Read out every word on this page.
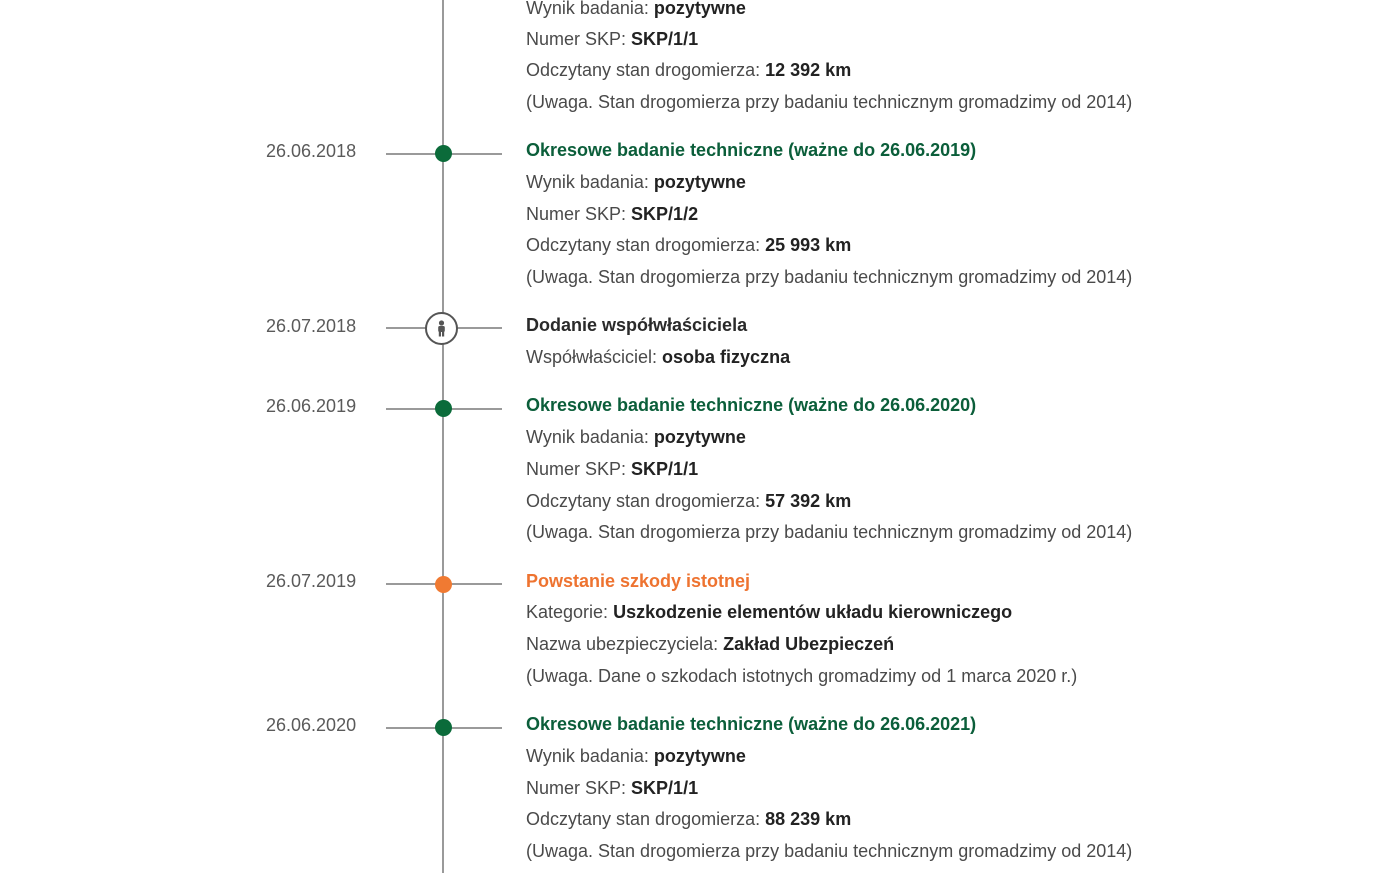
Wynik badania: pozytywne
Numer SKP: SKP/1/1
Odczytany stan drogomierza: 12 392 km
(Uwaga. Stan drogomierza przy badaniu technicznym gromadzimy od 2014)
26.06.2018	Okresowe badanie techniczne (ważne do 26.06.2019)
Wynik badania: pozytywne
Numer SKP: SKP/1/2
Odczytany stan drogomierza: 25 993 km
(Uwaga. Stan drogomierza przy badaniu technicznym gromadzimy od 2014)
26.07.2018	Dodanie współwłaściciela
Współwłaściciel: osoba fizyczna
26.06.2019	Okresowe badanie techniczne (ważne do 26.06.2020)
Wynik badania: pozytywne
Numer SKP: SKP/1/1
Odczytany stan drogomierza: 57 392 km
(Uwaga. Stan drogomierza przy badaniu technicznym gromadzimy od 2014)
26.07.2019	Powstanie szkody istotnej
Kategorie: Uszkodzenie elementów układu kierowniczego
Nazwa ubezpieczyciela: Zakład Ubezpieczeń
(Uwaga. Dane o szkodach istotnych gromadzimy od 1 marca 2020 r.)
26.06.2020	Okresowe badanie techniczne (ważne do 26.06.2021)
Wynik badania: pozytywne
Numer SKP: SKP/1/1
Odczytany stan drogomierza: 88 239 km
(Uwaga. Stan drogomierza przy badaniu technicznym gromadzimy od 2014)
